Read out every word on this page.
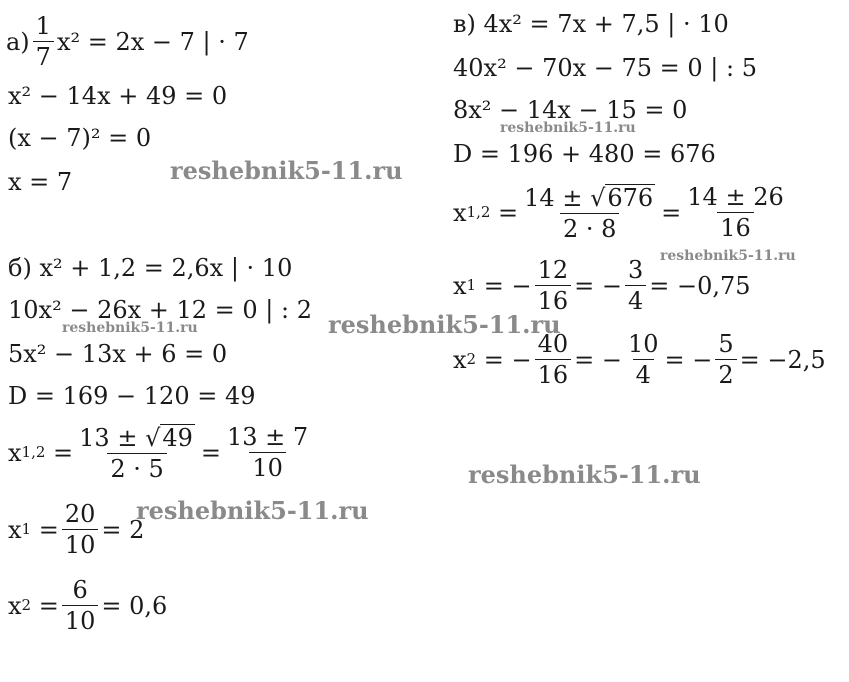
$а) \frac{1}{7} x^2 = 2x - 7$ | · 7
x² − 14x + 49 = 0
(x − 7)² = 0
x = 7
б) x² + 1,2 = 2,6x | · 10
10x² − 26x + 12 = 0 | : 2
5x² − 13x + 6 = 0
D = 169 − 120 = 49
x $1,2 = \frac{13 \pm √ 49}{2 \cdot 5} = \frac{13 \pm 7}{10}$
x $1 = \frac{20}{10} = 2$
x $2 = \frac{6}{10} = 0,6$
в) 4x² = 7x + 7,5 | · 10
40x² − 70x − 75 = 0 | : 5
8x² − 14x − 15 = 0
D = 196 + 480 = 676
x $1,2 = \frac{14 \pm √ 676}{2 \cdot 8} = \frac{14 \pm 26}{16}$
x 1 = − $\frac{12}{16}$ = − $\frac{3}{4} = -0,75$
x 2 = − $\frac{40}{16}$ = − $\frac{10}{4}$ = − $\frac{5}{2} = -2,5$
reshebnik5-11.ru
reshebnik5-11.ru	reshebnik5-11.ru
reshebnik5-11.ru
reshebnik5-11.ru
reshebnik5-11.ru
reshebnik5-11.ru
